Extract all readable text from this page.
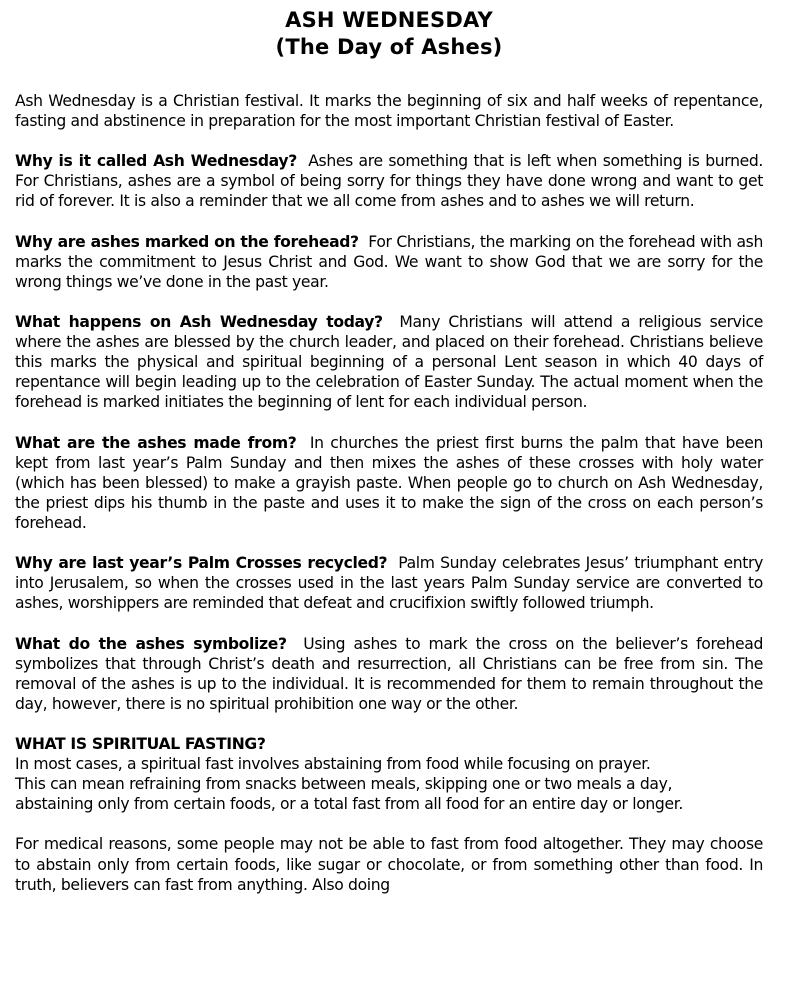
ASH WEDNESDAY
(The Day of Ashes)

Ash Wednesday is a Christian festival. It marks the beginning of six and half weeks of repentance, fasting and abstinence in preparation for the most important Christian festival of Easter.

Why is it called Ash Wednesday? Ashes are something that is left when something is burned. For Christians, ashes are a symbol of being sorry for things they have done wrong and want to get rid of forever. It is also a reminder that we all come from ashes and to ashes we will return.

Why are ashes marked on the forehead? For Christians, the marking on the forehead with ash marks the commitment to Jesus Christ and God. We want to show God that we are sorry for the wrong things we’ve done in the past year.

What happens on Ash Wednesday today? Many Christians will attend a religious service where the ashes are blessed by the church leader, and placed on their forehead. Christians believe this marks the physical and spiritual beginning of a personal Lent season in which 40 days of repentance will begin leading up to the celebration of Easter Sunday. The actual moment when the forehead is marked initiates the beginning of lent for each individual person.

What are the ashes made from? In churches the priest first burns the palm that have been kept from last year’s Palm Sunday and then mixes the ashes of these crosses with holy water (which has been blessed) to make a grayish paste. When people go to church on Ash Wednesday, the priest dips his thumb in the paste and uses it to make the sign of the cross on each person’s forehead.

Why are last year’s Palm Crosses recycled? Palm Sunday celebrates Jesus’ triumphant entry into Jerusalem, so when the crosses used in the last years Palm Sunday service are converted to ashes, worshippers are reminded that defeat and crucifixion swiftly followed triumph.

What do the ashes symbolize? Using ashes to mark the cross on the believer’s forehead symbolizes that through Christ’s death and resurrection, all Christians can be free from sin. The removal of the ashes is up to the individual. It is recommended for them to remain throughout the day, however, there is no spiritual prohibition one way or the other.

WHAT IS SPIRITUAL FASTING?
In most cases, a spiritual fast involves abstaining from food while focusing on prayer.
This can mean refraining from snacks between meals, skipping one or two meals a day,
abstaining only from certain foods, or a total fast from all food for an entire day or longer.

For medical reasons, some people may not be able to fast from food altogether. They may choose to abstain only from certain foods, like sugar or chocolate, or from something other than food. In truth, believers can fast from anything. Also doing
